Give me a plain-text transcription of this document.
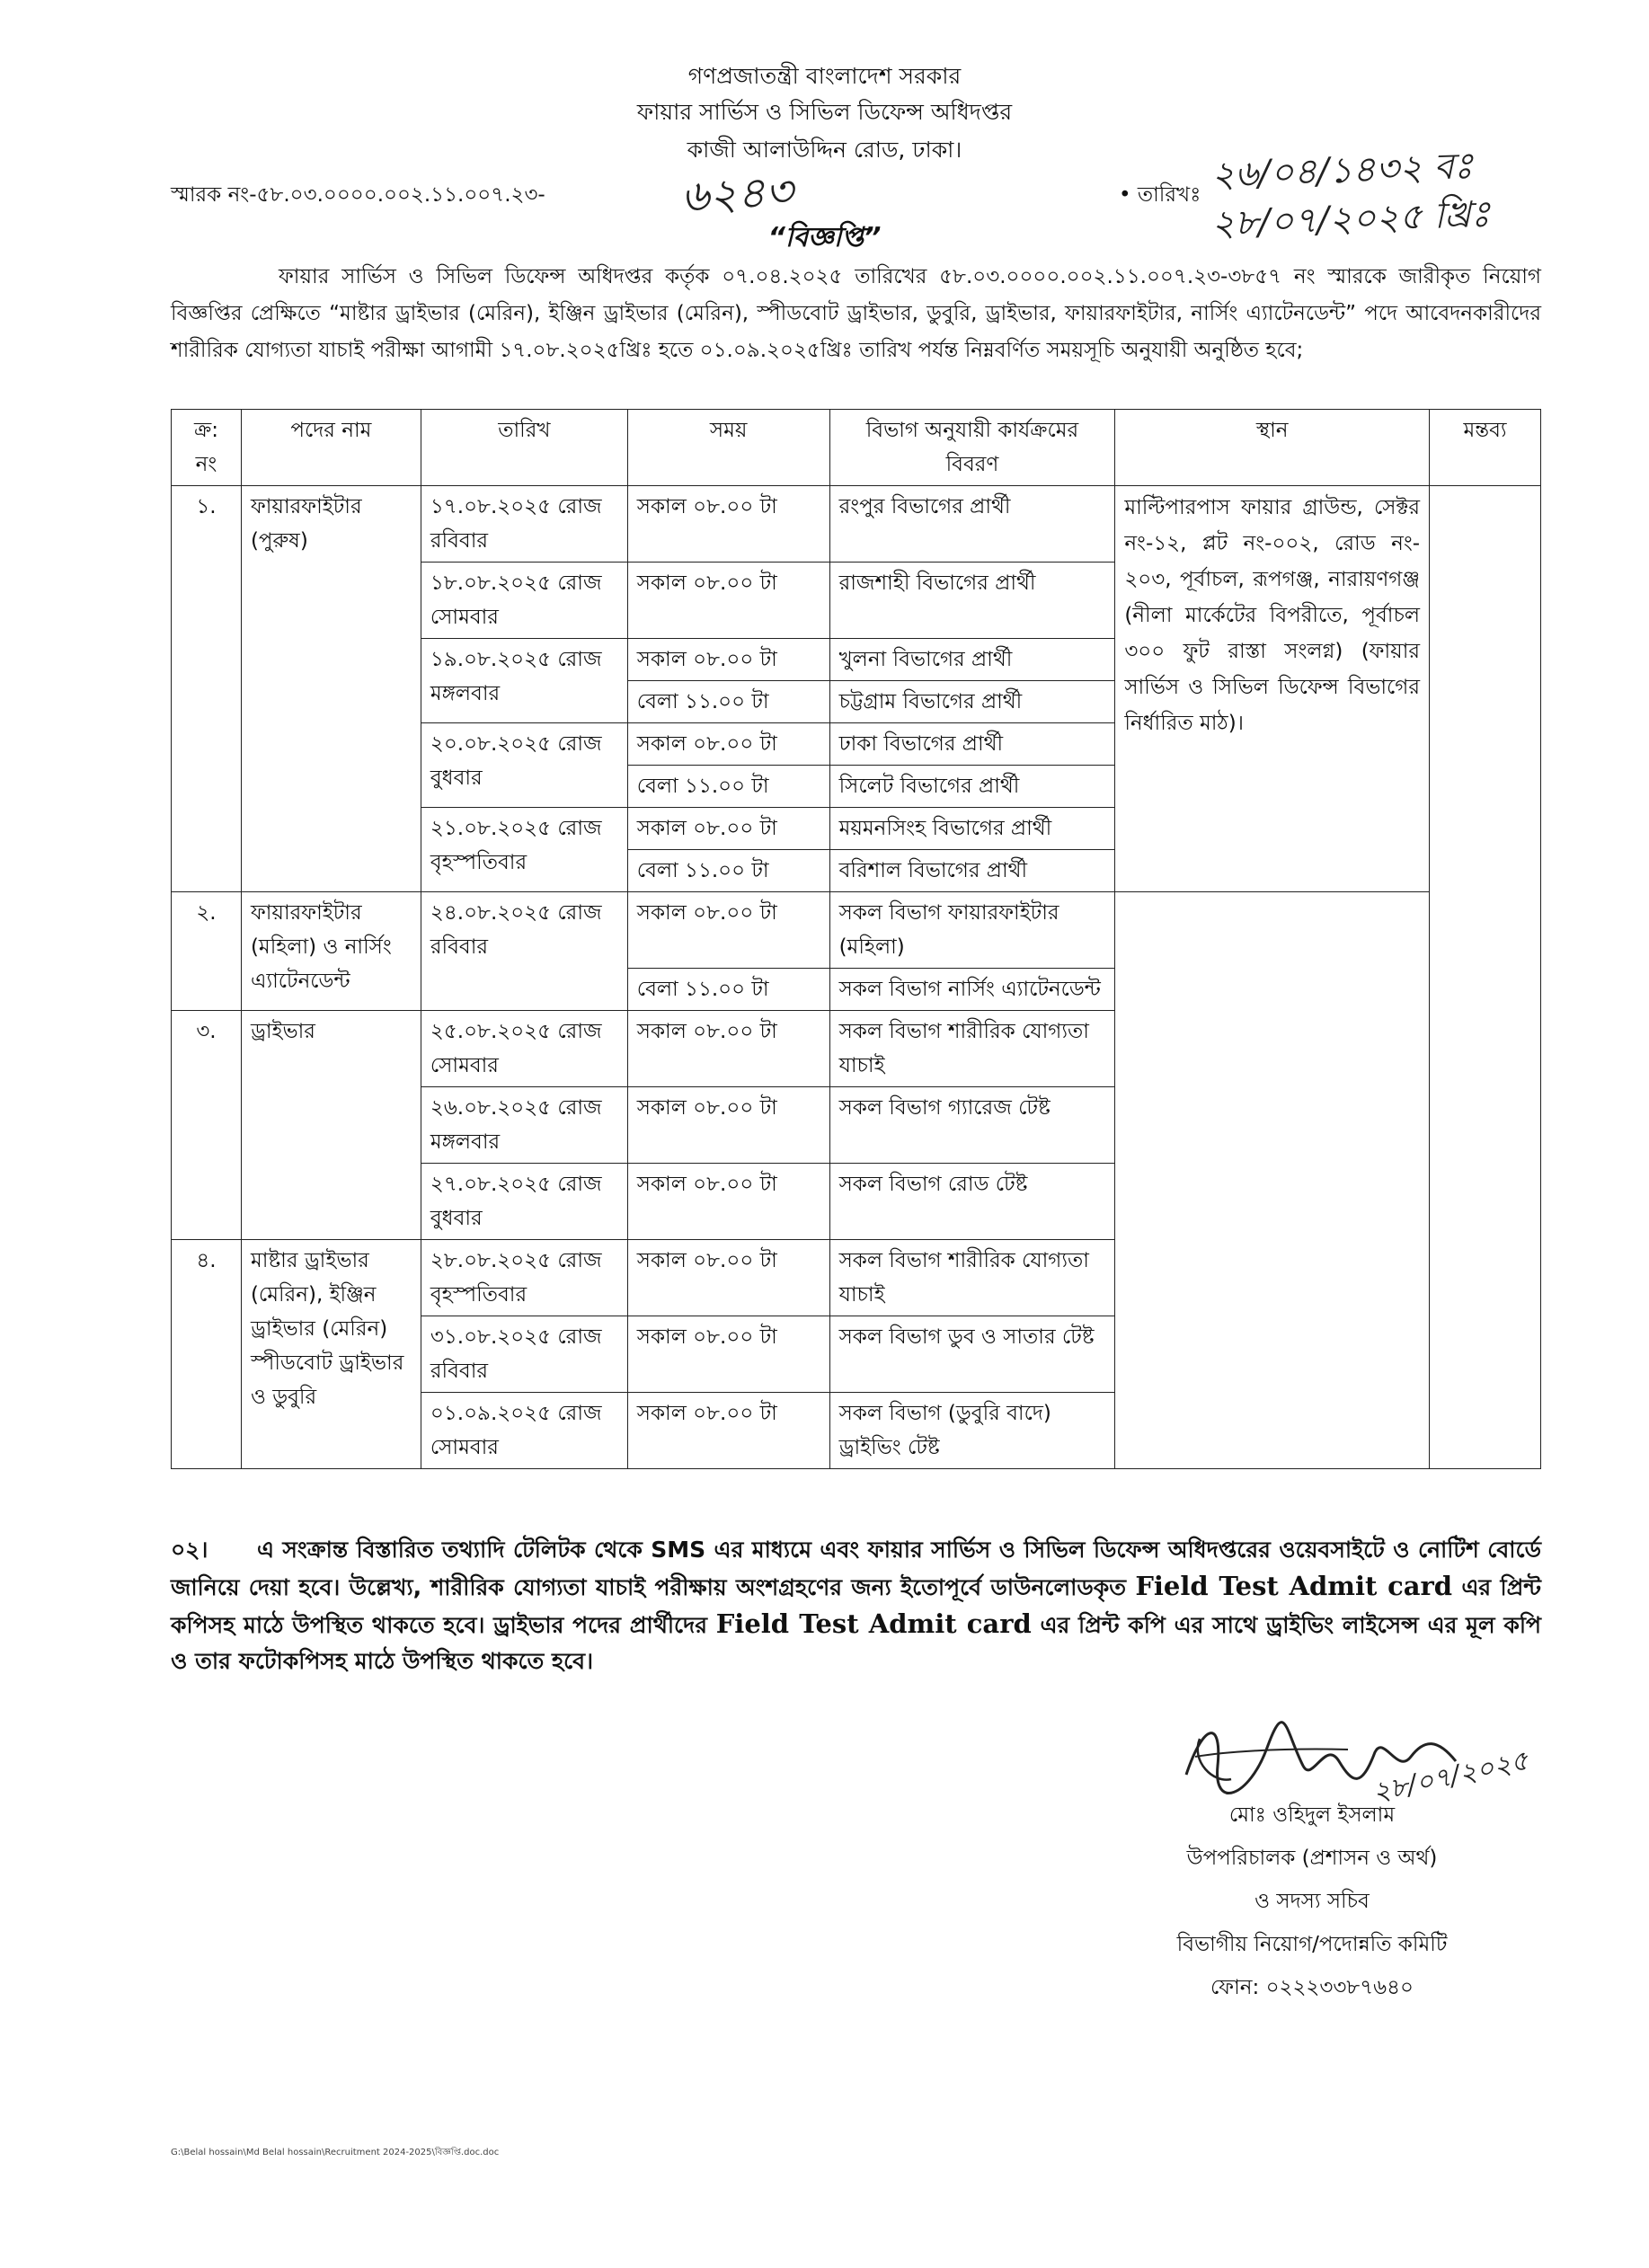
গণপ্রজাতন্ত্রী বাংলাদেশ সরকার
ফায়ার সার্ভিস ও সিভিল ডিফেন্স অধিদপ্তর
কাজী আলাউদ্দিন রোড, ঢাকা।
স্মারক নং-৫৮.০৩.০০০০.০০২.১১.০০৭.২৩-	৬২৪৩	• তারিখঃ ২৬/০৪/১৪৩২ বঃ
২৮/০৭/২০২৫ খ্রিঃ
“বিজ্ঞপ্তি”
ফায়ার সার্ভিস ও সিভিল ডিফেন্স অধিদপ্তর কর্তৃক ০৭.০৪.২০২৫ তারিখের ৫৮.০৩.০০০০.০০২.১১.০০৭.২৩-৩৮৫৭ নং স্মারকে জারীকৃত নিয়োগ বিজ্ঞপ্তির প্রেক্ষিতে “মাষ্টার ড্রাইভার (মেরিন), ইঞ্জিন ড্রাইভার (মেরিন), স্পীডবোট ড্রাইভার, ডুবুরি, ড্রাইভার, ফায়ারফাইটার, নার্সিং এ্যাটেনডেন্ট” পদে আবেদনকারীদের শারীরিক যোগ্যতা যাচাই পরীক্ষা আগামী ১৭.০৮.২০২৫খ্রিঃ হতে ০১.০৯.২০২৫খ্রিঃ তারিখ পর্যন্ত নিম্নবর্ণিত সময়সূচি অনুযায়ী অনুষ্ঠিত হবে;
ক্র: নং	পদের নাম	তারিখ	সময়	বিভাগ অনুযায়ী কার্যক্রমের বিবরণ	স্থান	মন্তব্য
১.	ফায়ারফাইটার (পুরুষ)	১৭.০৮.২০২৫ রোজ রবিবার	সকাল ০৮.০০ টা	রংপুর বিভাগের প্রার্থী	মাল্টিপারপাস ফায়ার গ্রাউন্ড, সেক্টর নং-১২, প্লট নং-০০২, রোড নং- ২০৩, পূর্বাচল, রূপগঞ্জ, নারায়ণগঞ্জ (নীলা মার্কেটের বিপরীতে, পূর্বাচল ৩০০ ফুট রাস্তা সংলগ্ন) (ফায়ার সার্ভিস ও সিভিল ডিফেন্স বিভাগের নির্ধারিত মাঠ)।	
		১৮.০৮.২০২৫ রোজ সোমবার	সকাল ০৮.০০ টা	রাজশাহী বিভাগের প্রার্থী		
		১৯.০৮.২০২৫ রোজ মঙ্গলবার	সকাল ০৮.০০ টা	খুলনা বিভাগের প্রার্থী		
			বেলা ১১.০০ টা	চট্টগ্রাম বিভাগের প্রার্থী		
		২০.০৮.২০২৫ রোজ বুধবার	সকাল ০৮.০০ টা	ঢাকা বিভাগের প্রার্থী		
			বেলা ১১.০০ টা	সিলেট বিভাগের প্রার্থী		
		২১.০৮.২০২৫ রোজ বৃহস্পতিবার	সকাল ০৮.০০ টা	ময়মনসিংহ বিভাগের প্রার্থী		
			বেলা ১১.০০ টা	বরিশাল বিভাগের প্রার্থী		
২.	ফায়ারফাইটার (মহিলা) ও নার্সিং এ্যাটেনডেন্ট	২৪.০৮.২০২৫ রোজ রবিবার	সকাল ০৮.০০ টা	সকল বিভাগ ফায়ারফাইটার (মহিলা)		
			বেলা ১১.০০ টা	সকল বিভাগ নার্সিং এ্যাটেনডেন্ট		
৩.	ড্রাইভার	২৫.০৮.২০২৫ রোজ সোমবার	সকাল ০৮.০০ টা	সকল বিভাগ শারীরিক যোগ্যতা যাচাই		
		২৬.০৮.২০২৫ রোজ মঙ্গলবার	সকাল ০৮.০০ টা	সকল বিভাগ গ্যারেজ টেষ্ট		
		২৭.০৮.২০২৫ রোজ বুধবার	সকাল ০৮.০০ টা	সকল বিভাগ রোড টেষ্ট		
৪.	মাষ্টার ড্রাইভার (মেরিন), ইঞ্জিন ড্রাইভার (মেরিন) স্পীডবোট ড্রাইভার ও ডুবুরি	২৮.০৮.২০২৫ রোজ বৃহস্পতিবার	সকাল ০৮.০০ টা	সকল বিভাগ শারীরিক যোগ্যতা যাচাই		
		৩১.০৮.২০২৫ রোজ রবিবার	সকাল ০৮.০০ টা	সকল বিভাগ ডুব ও সাতার টেষ্ট		
		০১.০৯.২০২৫ রোজ সোমবার	সকাল ০৮.০০ টা	সকল বিভাগ (ডুবুরি বাদে) ড্রাইভিং টেষ্ট		
০২। এ সংক্রান্ত বিস্তারিত তথ্যাদি টেলিটক থেকে SMS এর মাধ্যমে এবং ফায়ার সার্ভিস ও সিভিল ডিফেন্স অধিদপ্তরের ওয়েবসাইটে ও নোটিশ বোর্ডে জানিয়ে দেয়া হবে। উল্লেখ্য, শারীরিক যোগ্যতা যাচাই পরীক্ষায় অংশগ্রহণের জন্য ইতোপূর্বে ডাউনলোডকৃত Field Test Admit card এর প্রিন্ট কপিসহ মাঠে উপস্থিত থাকতে হবে। ড্রাইভার পদের প্রার্থীদের Field Test Admit card এর প্রিন্ট কপি এর সাথে ড্রাইভিং লাইসেন্স এর মূল কপি ও তার ফটোকপিসহ মাঠে উপস্থিত থাকতে হবে।
২৮/০৭/২০২৫
মোঃ ওহিদুল ইসলাম
উপপরিচালক (প্রশাসন ও অর্থ)
ও সদস্য সচিব
বিভাগীয় নিয়োগ/পদোন্নতি কমিটি
ফোন: ০২২২৩৩৮৭৬৪০
G:\Belal hossain\Md Belal hossain\Recruitment 2024-2025\বিজ্ঞপ্তি.doc.doc
